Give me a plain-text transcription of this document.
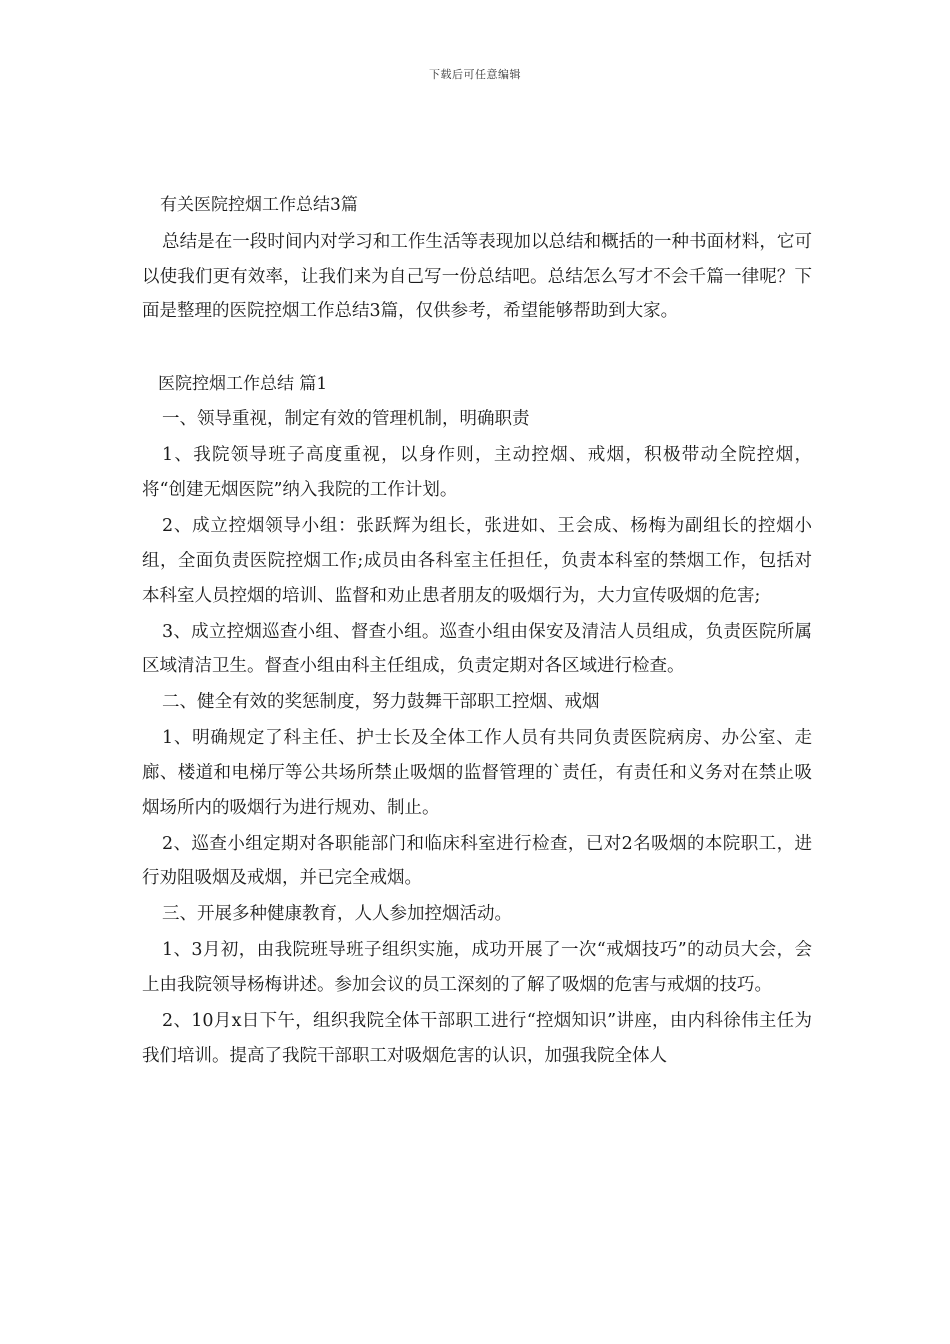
下载后可任意编辑
有关医院控烟工作总结3篇

总结是在一段时间内对学习和工作生活等表现加以总结和概括的一种书面材料，它可以使我们更有效率，让我们来为自己写一份总结吧。总结怎么写才不会千篇一律呢？下面是整理的医院控烟工作总结3篇，仅供参考，希望能够帮助到大家。

医院控烟工作总结 篇1

一、领导重视，制定有效的管理机制，明确职责

1、我院领导班子高度重视，以身作则，主动控烟、戒烟，积极带动全院控烟，将“创建无烟医院”纳入我院的工作计划。

2、成立控烟领导小组：张跃辉为组长，张进如、王会成、杨梅为副组长的控烟小组，全面负责医院控烟工作;成员由各科室主任担任，负责本科室的禁烟工作，包括对本科室人员控烟的培训、监督和劝止患者朋友的吸烟行为，大力宣传吸烟的危害;

3、成立控烟巡查小组、督查小组。巡查小组由保安及清洁人员组成，负责医院所属区域清洁卫生。督查小组由科主任组成，负责定期对各区域进行检查。

二、健全有效的奖惩制度，努力鼓舞干部职工控烟、戒烟

1、明确规定了科主任、护士长及全体工作人员有共同负责医院病房、办公室、走廊、楼道和电梯厅等公共场所禁止吸烟的监督管理的`责任，有责任和义务对在禁止吸烟场所内的吸烟行为进行规劝、制止。

2、巡查小组定期对各职能部门和临床科室进行检查，已对2名吸烟的本院职工，进行劝阻吸烟及戒烟，并已完全戒烟。

三、开展多种健康教育，人人参加控烟活动。

1、3月初，由我院班导班子组织实施，成功开展了一次“戒烟技巧”的动员大会，会上由我院领导杨梅讲述。参加会议的员工深刻的了解了吸烟的危害与戒烟的技巧。

2、10月x日下午，组织我院全体干部职工进行“控烟知识”讲座，由内科徐伟主任为我们培训。提高了我院干部职工对吸烟危害的认识，加强我院全体人
